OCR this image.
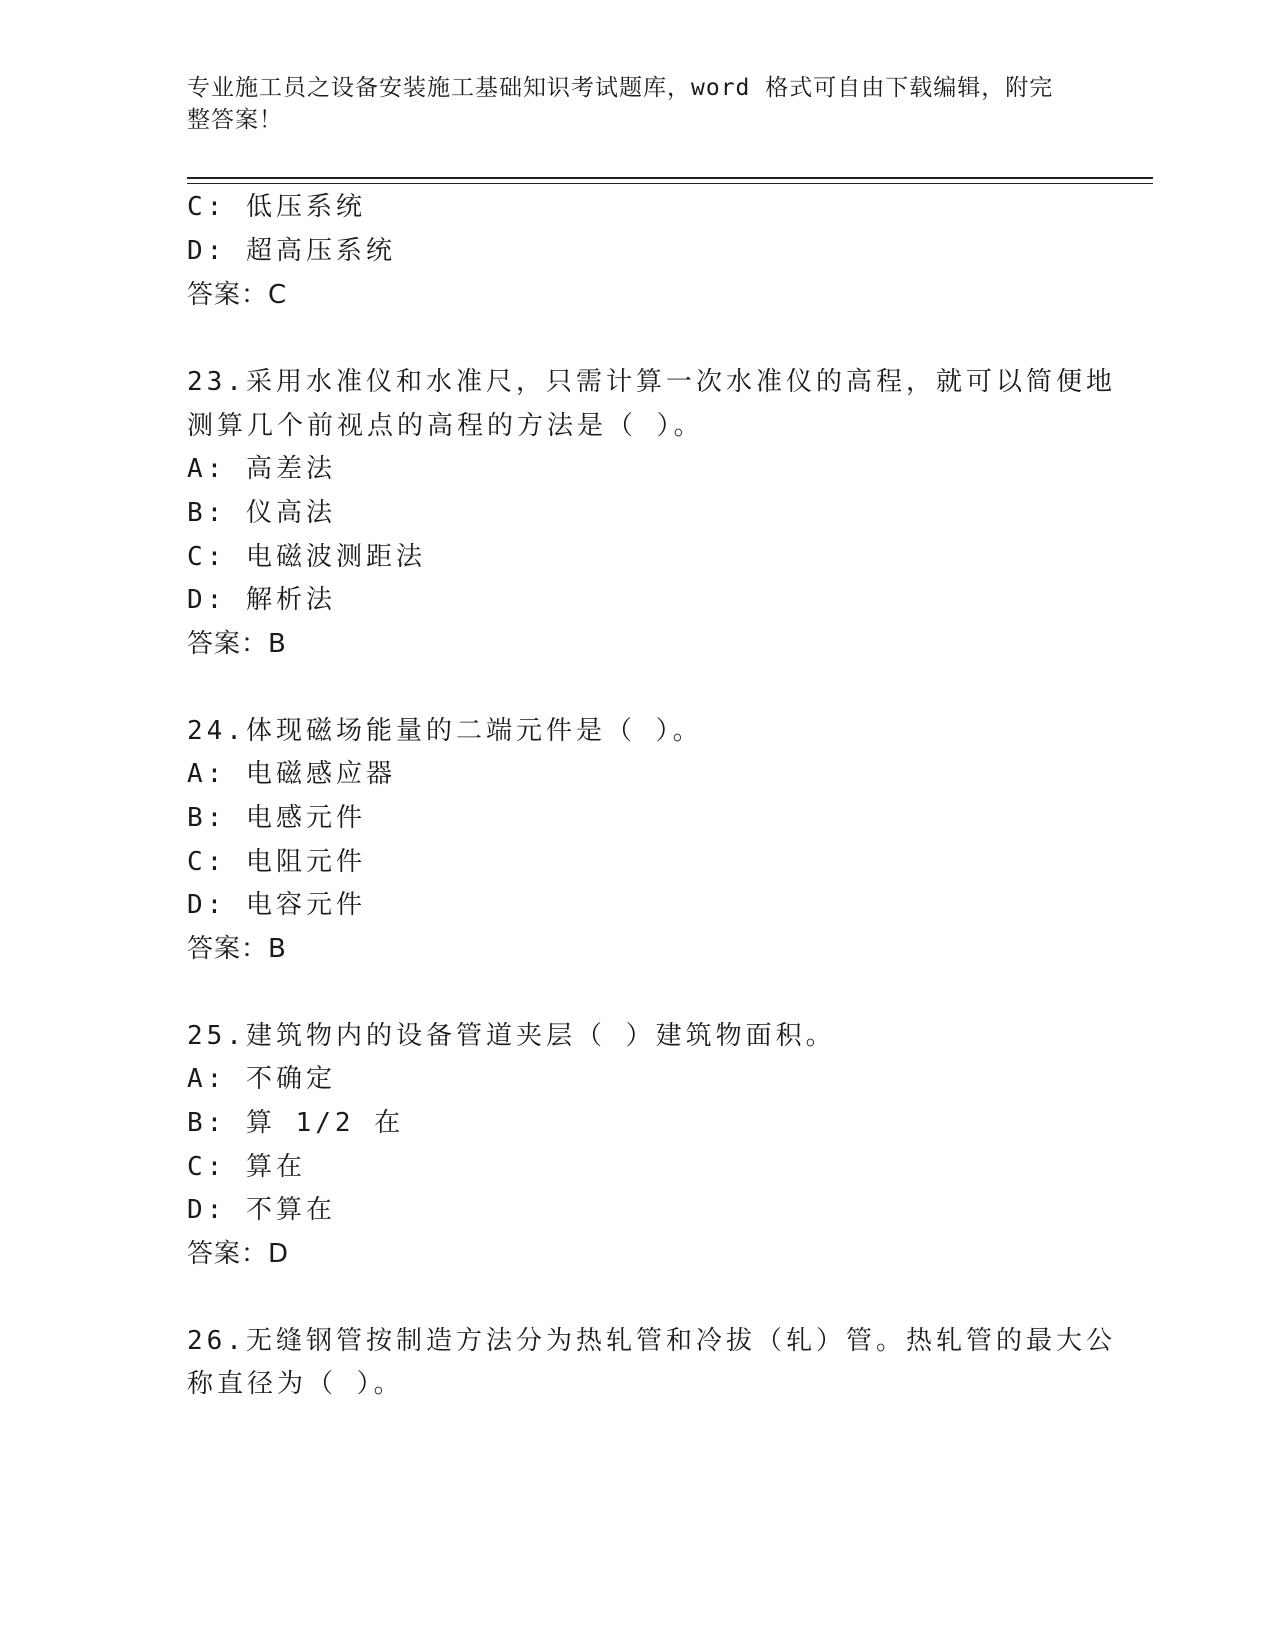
专业施工员之设备安装施工基础知识考试题库，word 格式可自由下载编辑，附完
整答案！
C: 低压系统
D: 超高压系统
答案：C
23.采用水准仪和水准尺，只需计算一次水准仪的高程，就可以简便地
测算几个前视点的高程的方法是（ ）。
A: 高差法
B: 仪高法
C: 电磁波测距法
D: 解析法
答案：B
24.体现磁场能量的二端元件是（ ）。
A: 电磁感应器
B: 电感元件
C: 电阻元件
D: 电容元件
答案：B
25.建筑物内的设备管道夹层（ ）建筑物面积。
A: 不确定
B: 算 1/2 在
C: 算在
D: 不算在
答案：D
26.无缝钢管按制造方法分为热轧管和冷拔（轧）管。热轧管的最大公
称直径为（ ）。
